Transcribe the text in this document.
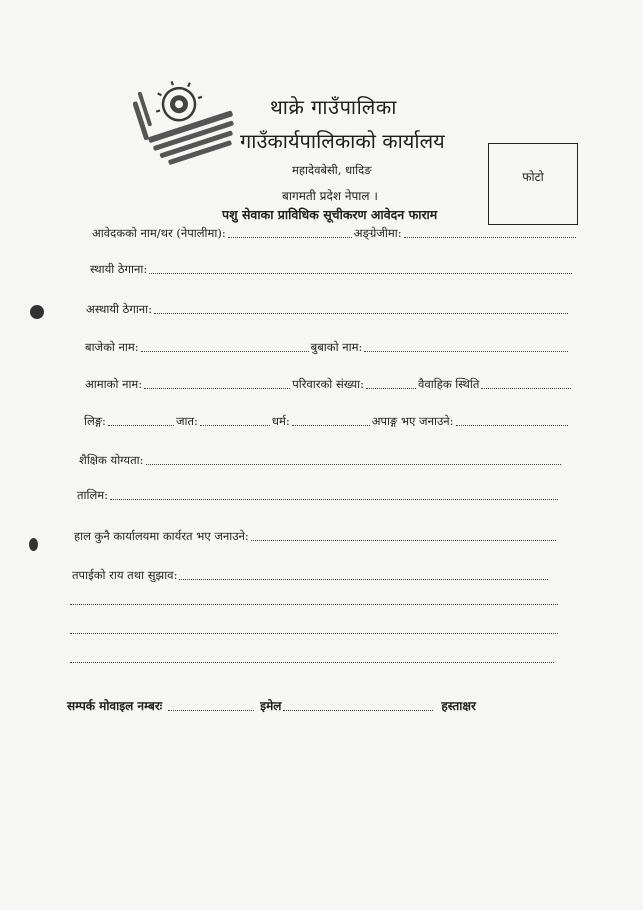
थाक्रे गाउँपालिका
गाउँकार्यपालिकाको कार्यालय
महादेवबेसी, धादिङ
बागमती प्रदेश नेपाल ।
पशु सेवाका प्राविधिक सूचीकरण आवेदन फाराम
फोटो
आवेदकको नाम/थर (नेपालीमा):	अङ्ग्रेजीमा:
स्थायी ठेगाना:
अस्थायी ठेगाना:
बाजेको नाम:	बुबाको नाम:
आमाको नाम:	परिवारको संख्या:	वैवाहिक स्थिति
लिङ्ग:	जात:	धर्म:	अपाङ्ग भए जनाउने:
शैक्षिक योग्यता:
तालिम:
हाल कुनै कार्यालयमा कार्यरत भए जनाउने:
तपाईको राय तथा सुझाव:
सम्पर्क मोवाइल नम्बरः	इमेल	हस्ताक्षर
